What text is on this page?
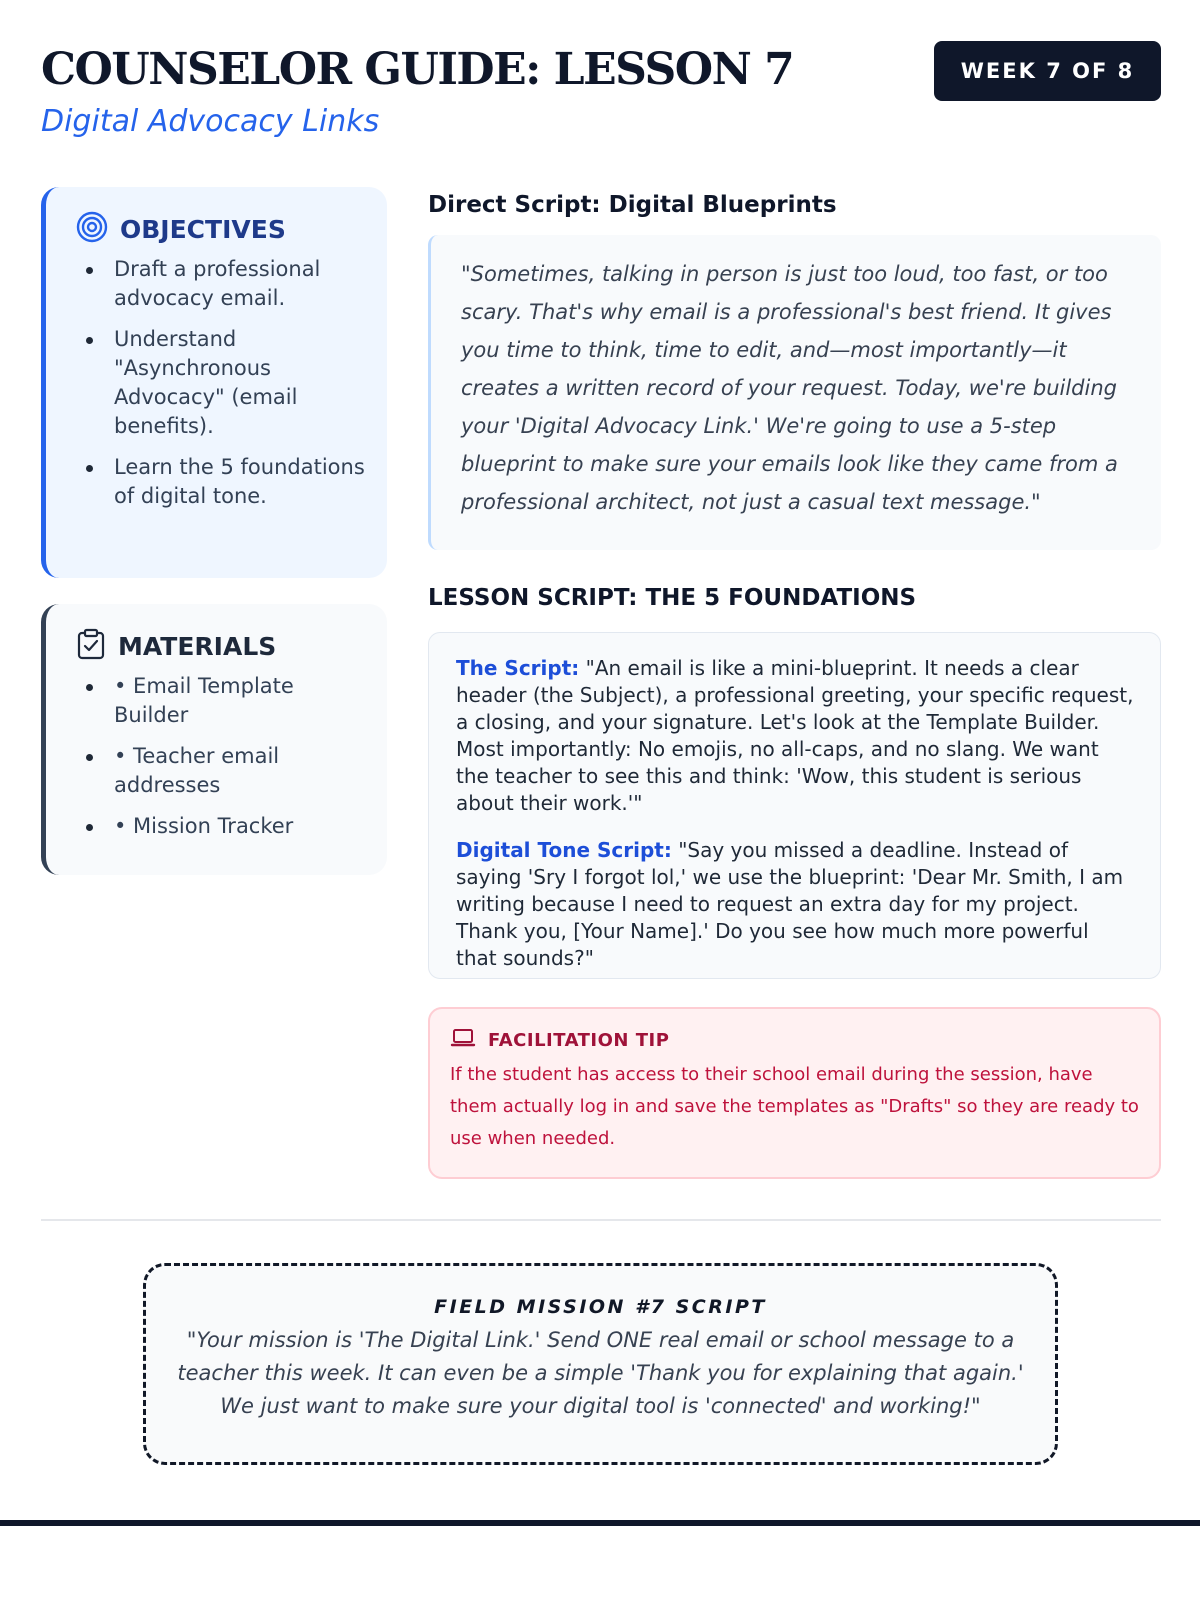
COUNSELOR GUIDE: LESSON 7
Digital Advocacy Links
WEEK 7 OF 8
OBJECTIVES
Draft a professional advocacy email.
Understand "Asynchronous Advocacy" (email benefits).
Learn the 5 foundations of digital tone.
MATERIALS
• Email Template Builder
• Teacher email addresses
• Mission Tracker
Direct Script: Digital Blueprints
"Sometimes, talking in person is just too loud, too fast, or too scary. That's why email is a professional's best friend. It gives you time to think, time to edit, and—most importantly—it creates a written record of your request. Today, we're building your 'Digital Advocacy Link.' We're going to use a 5-step blueprint to make sure your emails look like they came from a professional architect, not just a casual text message."
LESSON SCRIPT: THE 5 FOUNDATIONS

The Script: "An email is like a mini-blueprint. It needs a clear header (the Subject), a professional greeting, your specific request, a closing, and your signature. Let's look at the Template Builder. Most importantly: No emojis, no all-caps, and no slang. We want the teacher to see this and think: 'Wow, this student is serious about their work.'"

Digital Tone Script: "Say you missed a deadline. Instead of saying 'Sry I forgot lol,' we use the blueprint: 'Dear Mr. Smith, I am writing because I need to request an extra day for my project. Thank you, [Your Name].' Do you see how much more powerful that sounds?"

FACILITATION TIP
If the student has access to their school email during the session, have them actually log in and save the templates as "Drafts" so they are ready to use when needed.
FIELD MISSION #7 SCRIPT
"Your mission is 'The Digital Link.' Send ONE real email or school message to a teacher this week. It can even be a simple 'Thank you for explaining that again.' We just want to make sure your digital tool is 'connected' and working!"
